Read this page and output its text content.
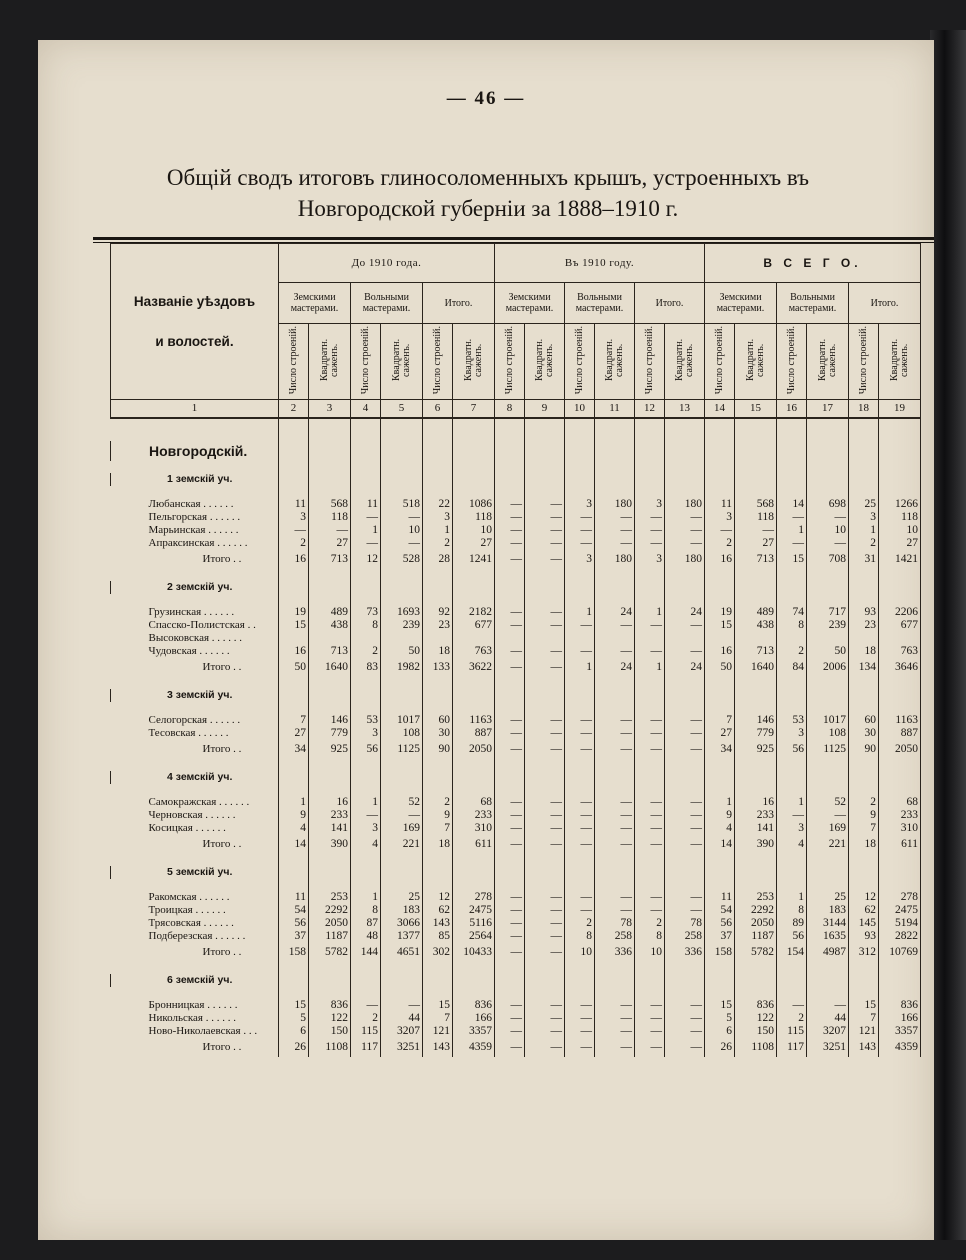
— 46 —
Общій сводъ итоговъ глиносоломенныхъ крышъ, устроенныхъ въ
Новгородской губерніи за 1888–1910 г.
Названіе уѣздовъ
и волостей.	До 1910 года.						Въ 1910 году.						В С Е Г О.					
	Земскими мастерами.		Вольными мастерами.		Итого.		Земскими мастерами.		Вольными мастерами.		Итого.		Земскими мастерами.		Вольными мастерами.		Итого.	
	Число строеній.	Квадратн. саженъ.	Число строеній.	Квадратн. саженъ.	Число строеній.	Квадратн. саженъ.	Число строеній.	Квадратн. саженъ.	Число строеній.	Квадратн. саженъ.	Число строеній.	Квадратн. саженъ.	Число строеній.	Квадратн. саженъ.	Число строеній.	Квадратн. саженъ.	Число строеній.	Квадратн. саженъ.
1	2	3	4	5	6	7	8	9	10	11	12	13	14	15	16	17	18	19

Новгородскій.																		

1 земскій уч.																		

Любанская . . . . . .	11	568	11	518	22	1086	—	—	3	180	3	180	11	568	14	698	25	1266
Пельгорская . . . . . .	3	118	—	—	3	118	—	—	—	—	—	—	3	118	—	—	3	118
Марьинская . . . . . .	—	—	1	10	1	10	—	—	—	—	—	—	—	—	1	10	1	10
Апраксинская . . . . . .	2	27	—	—	2	27	—	—	—	—	—	—	2	27	—	—	2	27
Итого . .	16	713	12	528	28	1241	—	—	3	180	3	180	16	713	15	708	31	1421

2 земскій уч.																		

Грузинская . . . . . .	19	489	73	1693	92	2182	—	—	1	24	1	24	19	489	74	717	93	2206
Спасско-Полистская . .	15	438	8	239	23	677	—	—	—	—	—	—	15	438	8	239	23	677
Высоковская . . . . . .																		
Чудовская . . . . . .	16	713	2	50	18	763	—	—	—	—	—	—	16	713	2	50	18	763
Итого . .	50	1640	83	1982	133	3622	—	—	1	24	1	24	50	1640	84	2006	134	3646

3 земскій уч.																		

Селогорская . . . . . .	7	146	53	1017	60	1163	—	—	—	—	—	—	7	146	53	1017	60	1163
Тесовская . . . . . .	27	779	3	108	30	887	—	—	—	—	—	—	27	779	3	108	30	887
Итого . .	34	925	56	1125	90	2050	—	—	—	—	—	—	34	925	56	1125	90	2050

4 земскій уч.																		

Самокражская . . . . . .	1	16	1	52	2	68	—	—	—	—	—	—	1	16	1	52	2	68
Черновская . . . . . .	9	233	—	—	9	233	—	—	—	—	—	—	9	233	—	—	9	233
Косицкая . . . . . .	4	141	3	169	7	310	—	—	—	—	—	—	4	141	3	169	7	310
Итого . .	14	390	4	221	18	611	—	—	—	—	—	—	14	390	4	221	18	611

5 земскій уч.																		

Ракомская . . . . . .	11	253	1	25	12	278	—	—	—	—	—	—	11	253	1	25	12	278
Троицкая . . . . . .	54	2292	8	183	62	2475	—	—	—	—	—	—	54	2292	8	183	62	2475
Трясовская . . . . . .	56	2050	87	3066	143	5116	—	—	2	78	2	78	56	2050	89	3144	145	5194
Подберезская . . . . . .	37	1187	48	1377	85	2564	—	—	8	258	8	258	37	1187	56	1635	93	2822
Итого . .	158	5782	144	4651	302	10433	—	—	10	336	10	336	158	5782	154	4987	312	10769

6 земскій уч.																		

Бронницкая . . . . . .	15	836	—	—	15	836	—	—	—	—	—	—	15	836	—	—	15	836
Никольская . . . . . .	5	122	2	44	7	166	—	—	—	—	—	—	5	122	2	44	7	166
Ново-Николаевская . . .	6	150	115	3207	121	3357	—	—	—	—	—	—	6	150	115	3207	121	3357
Итого . .	26	1108	117	3251	143	4359	—	—	—	—	—	—	26	1108	117	3251	143	4359
